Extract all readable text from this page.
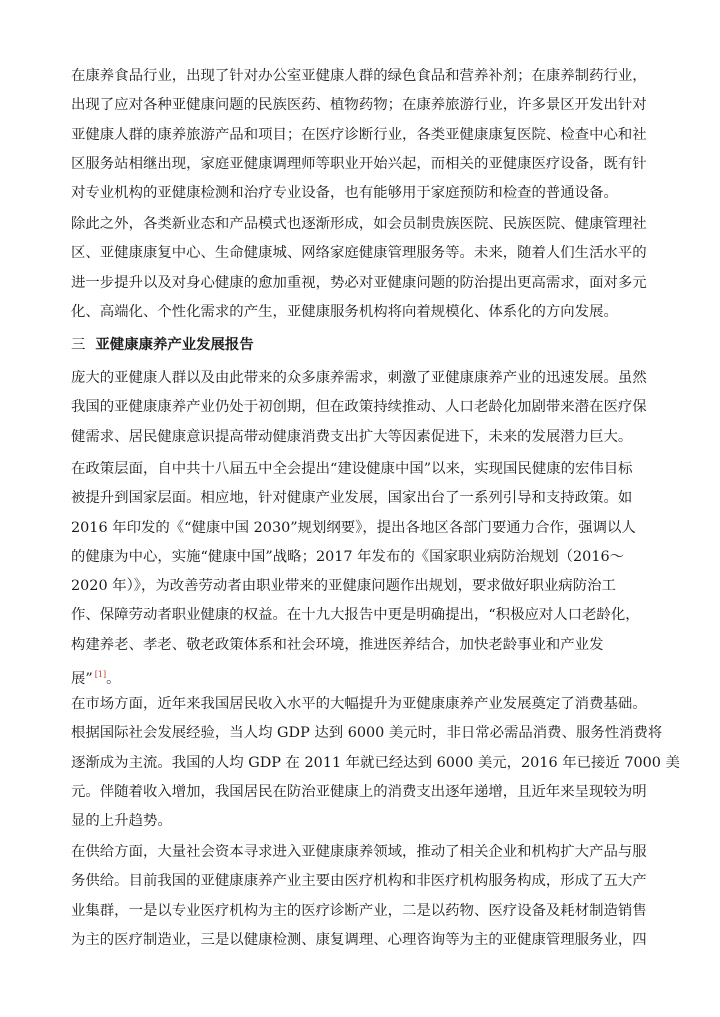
在康养食品行业，出现了针对办公室亚健康人群的绿色食品和营养补剂；在康养制药行业，
出现了应对各种亚健康问题的民族医药、植物药物；在康养旅游行业，许多景区开发出针对
亚健康人群的康养旅游产品和项目；在医疗诊断行业，各类亚健康康复医院、检查中心和社
区服务站相继出现，家庭亚健康调理师等职业开始兴起，而相关的亚健康医疗设备，既有针
对专业机构的亚健康检测和治疗专业设备，也有能够用于家庭预防和检查的普通设备。
除此之外，各类新业态和产品模式也逐渐形成，如会员制贵族医院、民族医院、健康管理社
区、亚健康康复中心、生命健康城、网络家庭健康管理服务等。未来，随着人们生活水平的
进一步提升以及对身心健康的愈加重视，势必对亚健康问题的防治提出更高需求，面对多元
化、高端化、个性化需求的产生，亚健康服务机构将向着规模化、体系化的方向发展。
三 亚健康康养产业发展报告
庞大的亚健康人群以及由此带来的众多康养需求，刺激了亚健康康养产业的迅速发展。虽然
我国的亚健康康养产业仍处于初创期，但在政策持续推动、人口老龄化加剧带来潜在医疗保
健需求、居民健康意识提高带动健康消费支出扩大等因素促进下，未来的发展潜力巨大。
在政策层面，自中共十八届五中全会提出“建设健康中国”以来，实现国民健康的宏伟目标
被提升到国家层面。相应地，针对健康产业发展，国家出台了一系列引导和支持政策。如
2016 年印发的《“健康中国 2030”规划纲要》，提出各地区各部门要通力合作，强调以人
的健康为中心，实施“健康中国”战略；2017 年发布的《国家职业病防治规划（2016～
2020 年）》，为改善劳动者由职业带来的亚健康问题作出规划，要求做好职业病防治工
作、保障劳动者职业健康的权益。在十九大报告中更是明确提出，“积极应对人口老龄化，
构建养老、孝老、敬老政策体系和社会环境，推进医养结合，加快老龄事业和产业发
展” [1]。
在市场方面，近年来我国居民收入水平的大幅提升为亚健康康养产业发展奠定了消费基础。
根据国际社会发展经验，当人均 GDP 达到 6000 美元时，非日常必需品消费、服务性消费将
逐渐成为主流。我国的人均 GDP 在 2011 年就已经达到 6000 美元，2016 年已接近 7000 美
元。伴随着收入增加，我国居民在防治亚健康上的消费支出逐年递增，且近年来呈现较为明
显的上升趋势。
在供给方面，大量社会资本寻求进入亚健康康养领域，推动了相关企业和机构扩大产品与服
务供给。目前我国的亚健康康养产业主要由医疗机构和非医疗机构服务构成，形成了五大产
业集群，一是以专业医疗机构为主的医疗诊断产业，二是以药物、医疗设备及耗材制造销售
为主的医疗制造业，三是以健康检测、康复调理、心理咨询等为主的亚健康管理服务业，四
